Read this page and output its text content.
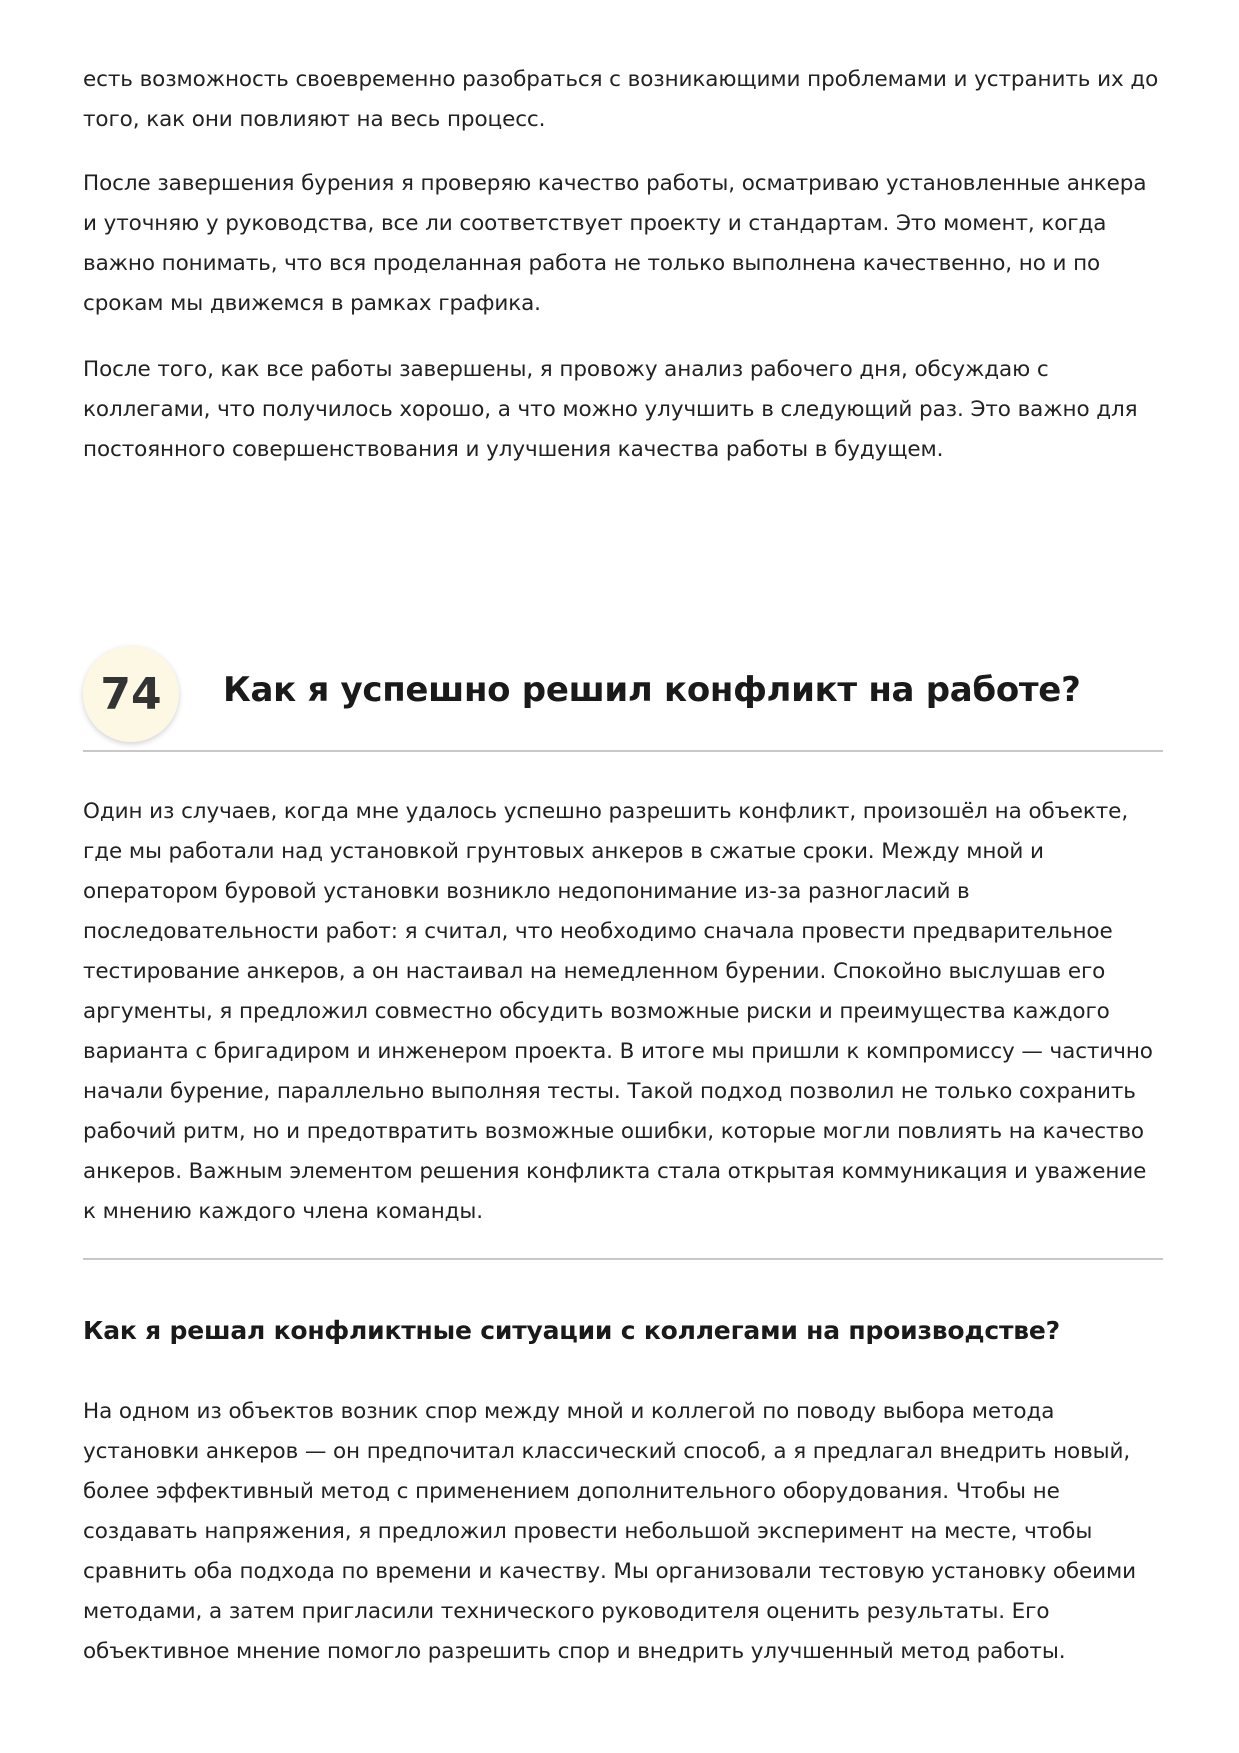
есть возможность своевременно разобраться с возникающими проблемами и устранить их до того, как они повлияют на весь процесс.

После завершения бурения я проверяю качество работы, осматриваю установленные анкера и уточняю у руководства, все ли соответствует проекту и стандартам. Это момент, когда важно понимать, что вся проделанная работа не только выполнена качественно, но и по срокам мы движемся в рамках графика.

После того, как все работы завершены, я провожу анализ рабочего дня, обсуждаю с коллегами, что получилось хорошо, а что можно улучшить в следующий раз. Это важно для постоянного совершенствования и улучшения качества работы в будущем.

74	Как я успешно решил конфликт на работе?

Один из случаев, когда мне удалось успешно разрешить конфликт, произошёл на объекте, где мы работали над установкой грунтовых анкеров в сжатые сроки. Между мной и оператором буровой установки возникло недопонимание из-за разногласий в последовательности работ: я считал, что необходимо сначала провести предварительное тестирование анкеров, а он настаивал на немедленном бурении. Спокойно выслушав его аргументы, я предложил совместно обсудить возможные риски и преимущества каждого варианта с бригадиром и инженером проекта. В итоге мы пришли к компромиссу — частично начали бурение, параллельно выполняя тесты. Такой подход позволил не только сохранить рабочий ритм, но и предотвратить возможные ошибки, которые могли повлиять на качество анкеров. Важным элементом решения конфликта стала открытая коммуникация и уважение к мнению каждого члена команды.

Как я решал конфликтные ситуации с коллегами на производстве?

На одном из объектов возник спор между мной и коллегой по поводу выбора метода установки анкеров — он предпочитал классический способ, а я предлагал внедрить новый, более эффективный метод с применением дополнительного оборудования. Чтобы не создавать напряжения, я предложил провести небольшой эксперимент на месте, чтобы сравнить оба подхода по времени и качеству. Мы организовали тестовую установку обеими методами, а затем пригласили технического руководителя оценить результаты. Его объективное мнение помогло разрешить спор и внедрить улучшенный метод работы.
